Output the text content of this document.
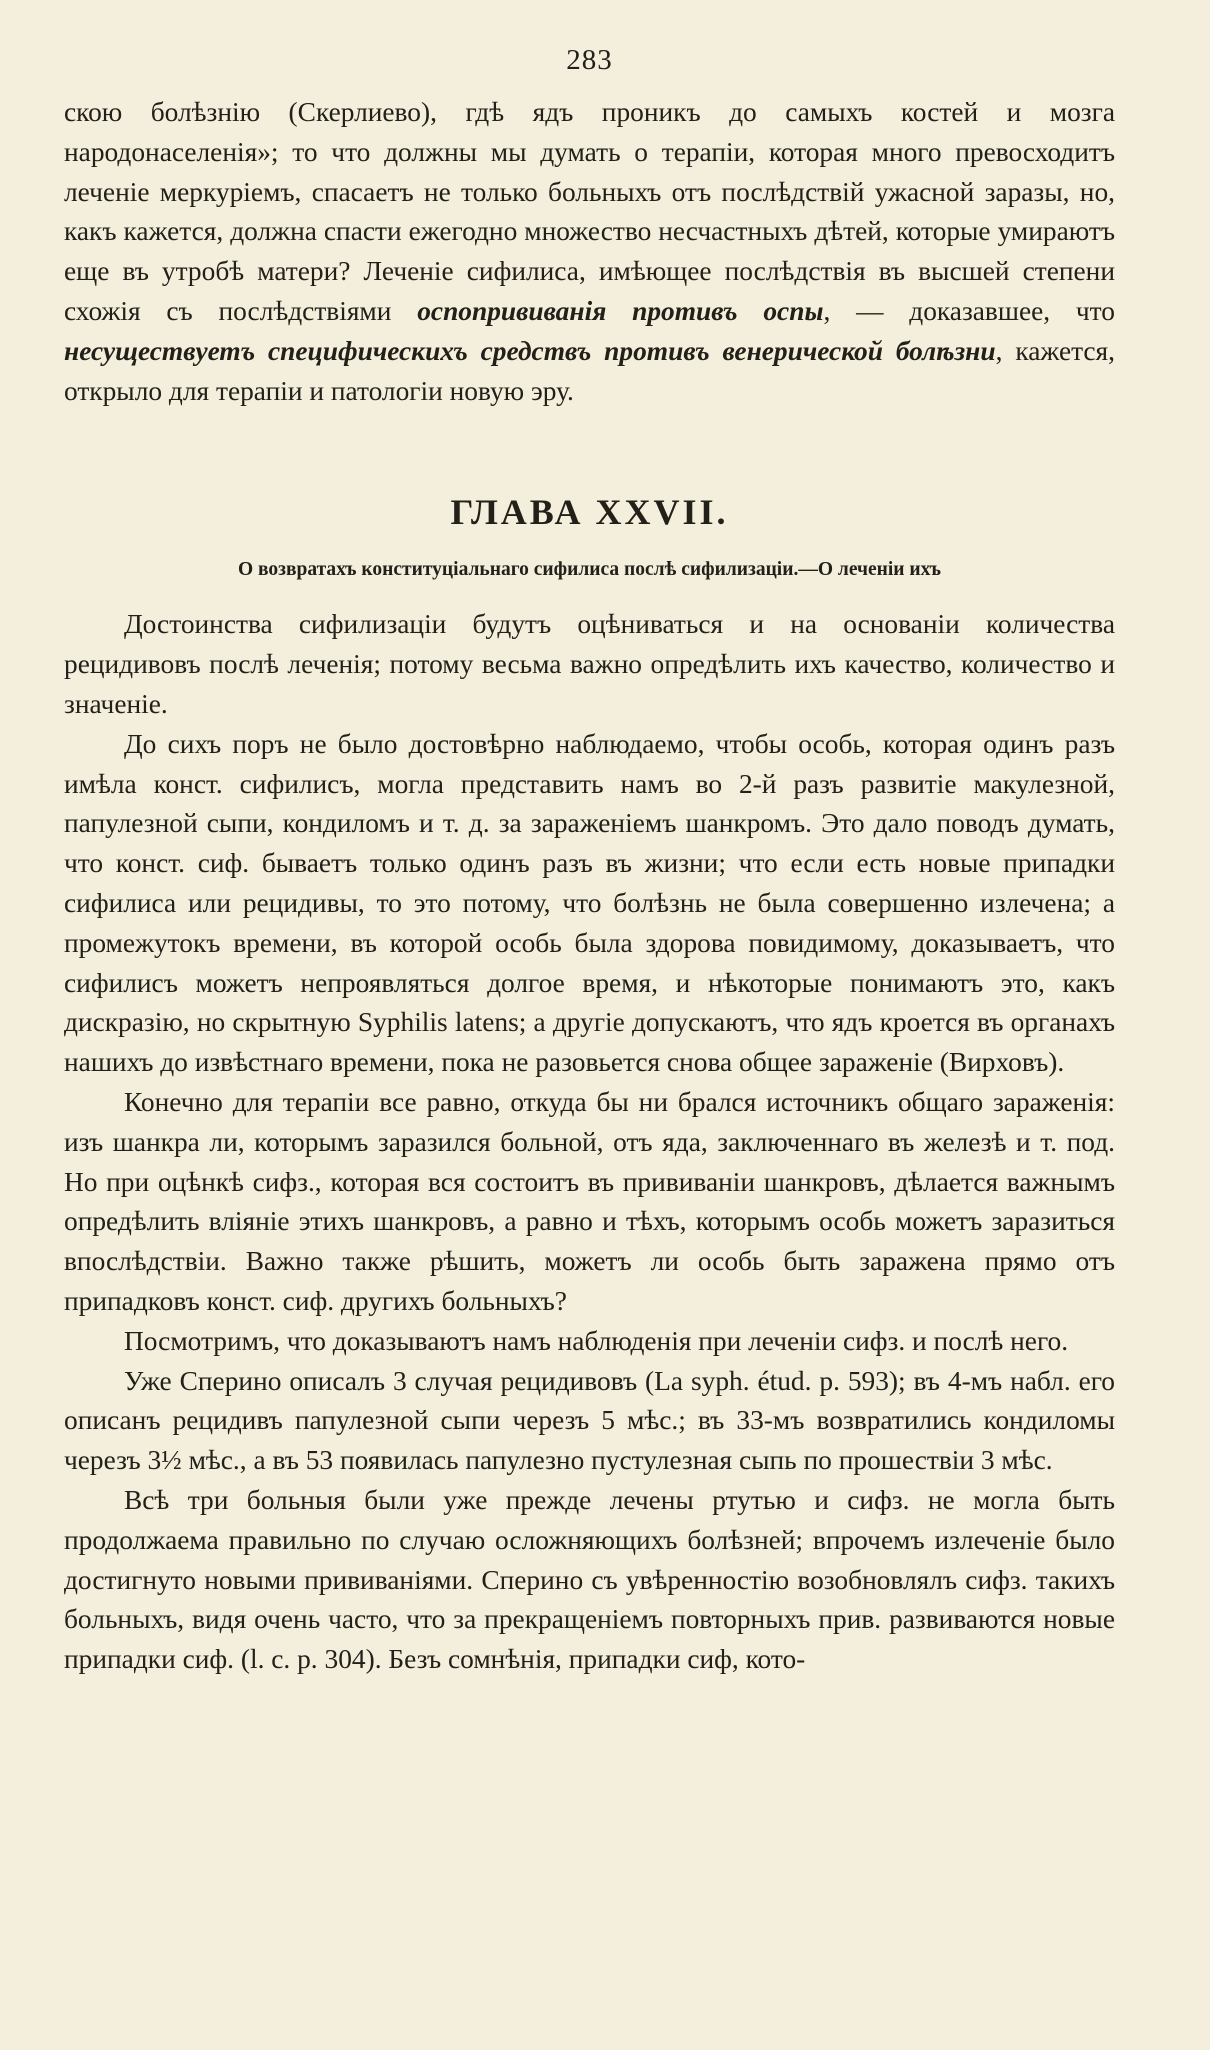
283

скою болѣзнію (Скерлиево), гдѣ ядъ проникъ до самыхъ костей и мозга народонаселенія»; то что должны мы думать о терапіи, которая много превосходитъ леченіе меркуріемъ, спасаетъ не только больныхъ отъ послѣдствій ужасной заразы, но, какъ кажется, должна спасти ежегодно множество несчастныхъ дѣтей, которые умираютъ еще въ утробѣ матери? Леченіе сифилиса, имѣющее послѣдствія въ высшей степени схожія съ послѣдствіями оспопрививанія противъ оспы, — доказавшее, что несуществуетъ специфическихъ средствъ противъ венерической болѣзни, кажется, открыло для терапіи и патологіи новую эру.

ГЛАВА XXVII.
О возвратахъ конституціальнаго сифилиса послѣ сифилизаціи.—О леченіи ихъ

Достоинства сифилизаціи будутъ оцѣниваться и на основаніи количества рецидивовъ послѣ леченія; потому весьма важно опредѣлить ихъ качество, количество и значеніе.

До сихъ поръ не было достовѣрно наблюдаемо, чтобы особь, которая одинъ разъ имѣла конст. сифилисъ, могла представить намъ во 2-й разъ развитіе макулезной, папулезной сыпи, кондиломъ и т. д. за зараженіемъ шанкромъ. Это дало поводъ думать, что конст. сиф. бываетъ только одинъ разъ въ жизни; что если есть новые припадки сифилиса или рецидивы, то это потому, что болѣзнь не была совершенно излечена; а промежутокъ времени, въ которой особь была здорова повидимому, доказываетъ, что сифилисъ можетъ непроявляться долгое время, и нѣкоторые понимаютъ это, какъ дискразію, но скрытную Syphilis latens; а другіе допускаютъ, что ядъ кроется въ органахъ нашихъ до извѣстнаго времени, пока не разовьется снова общее зараженіе (Вирховъ).

Конечно для терапіи все равно, откуда бы ни брался источникъ общаго зараженія: изъ шанкра ли, которымъ заразился больной, отъ яда, заключеннаго въ железѣ и т. под. Но при оцѣнкѣ сифз., которая вся состоитъ въ прививаніи шанкровъ, дѣлается важнымъ опредѣлить вліяніе этихъ шанкровъ, а равно и тѣхъ, которымъ особь можетъ заразиться впослѣдствіи. Важно также рѣшить, можетъ ли особь быть заражена прямо отъ припадковъ конст. сиф. другихъ больныхъ?

Посмотримъ, что доказываютъ намъ наблюденія при леченіи сифз. и послѣ него.

Уже Сперино описалъ 3 случая рецидивовъ (La syph. étud. p. 593); въ 4-мъ набл. его описанъ рецидивъ папулезной сыпи черезъ 5 мѣс.; въ 33-мъ возвратились кондиломы черезъ 3½ мѣс., а въ 53 появилась папулезно пустулезная сыпь по прошествіи 3 мѣс.

Всѣ три больныя были уже прежде лечены ртутью и сифз. не могла быть продолжаема правильно по случаю осложняющихъ болѣзней; впрочемъ излеченіе было достигнуто новыми прививаніями. Сперино съ увѣренностію возобновлялъ сифз. такихъ больныхъ, видя очень часто, что за прекращеніемъ повторныхъ прив. развиваются новые припадки сиф. (l. c. p. 304). Безъ сомнѣнія, припадки сиф, кото-
